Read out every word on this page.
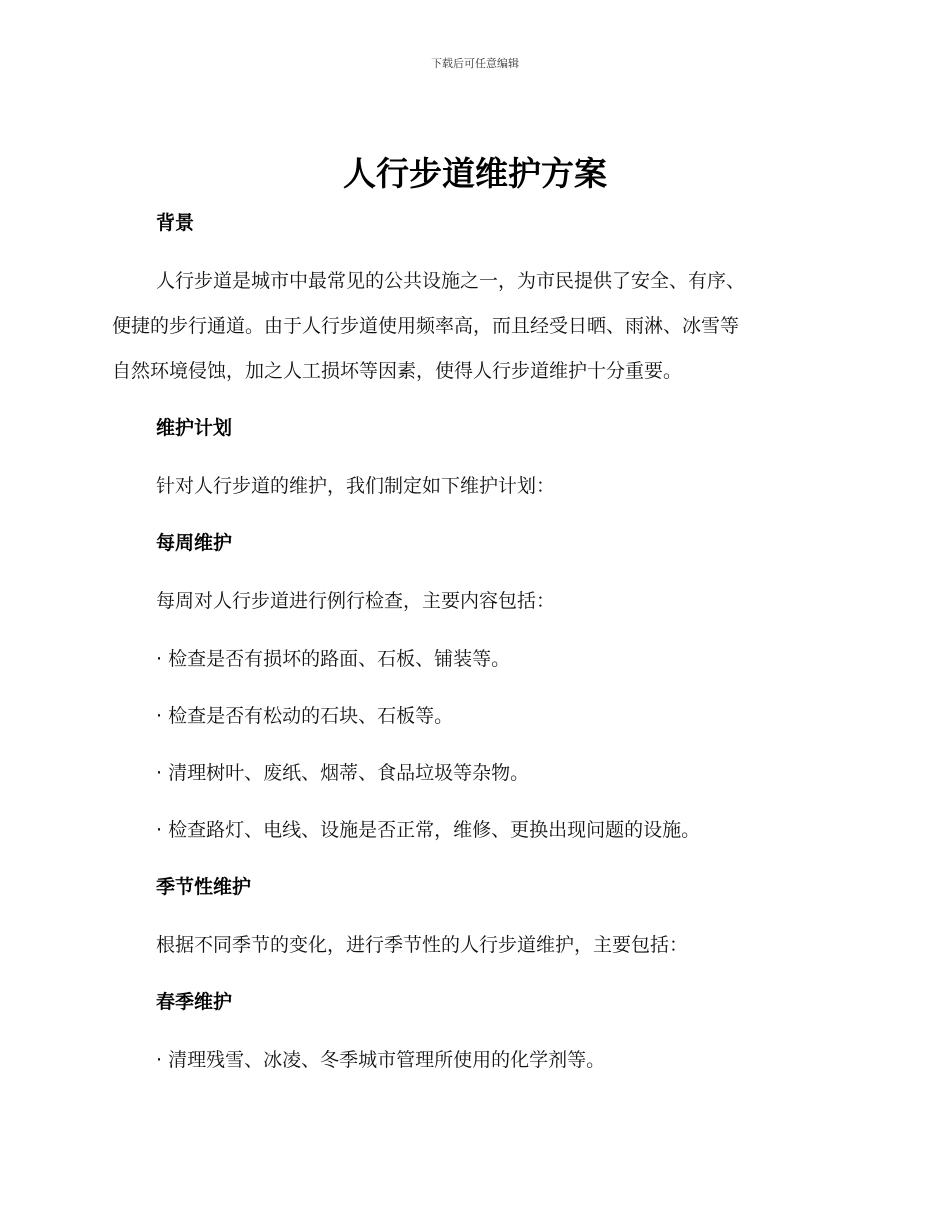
下载后可任意编辑
人行步道维护方案
背景
人行步道是城市中最常见的公共设施之一，为市民提供了安全、有序、
便捷的步行通道。由于人行步道使用频率高，而且经受日晒、雨淋、冰雪等
自然环境侵蚀，加之人工损坏等因素，使得人行步道维护十分重要。
维护计划
针对人行步道的维护，我们制定如下维护计划：
每周维护
每周对人行步道进行例行检查，主要内容包括：
· 检查是否有损坏的路面、石板、铺装等。
· 检查是否有松动的石块、石板等。
· 清理树叶、废纸、烟蒂、食品垃圾等杂物。
· 检查路灯、电线、设施是否正常，维修、更换出现问题的设施。
季节性维护
根据不同季节的变化，进行季节性的人行步道维护，主要包括：
春季维护
· 清理残雪、冰凌、冬季城市管理所使用的化学剂等。
